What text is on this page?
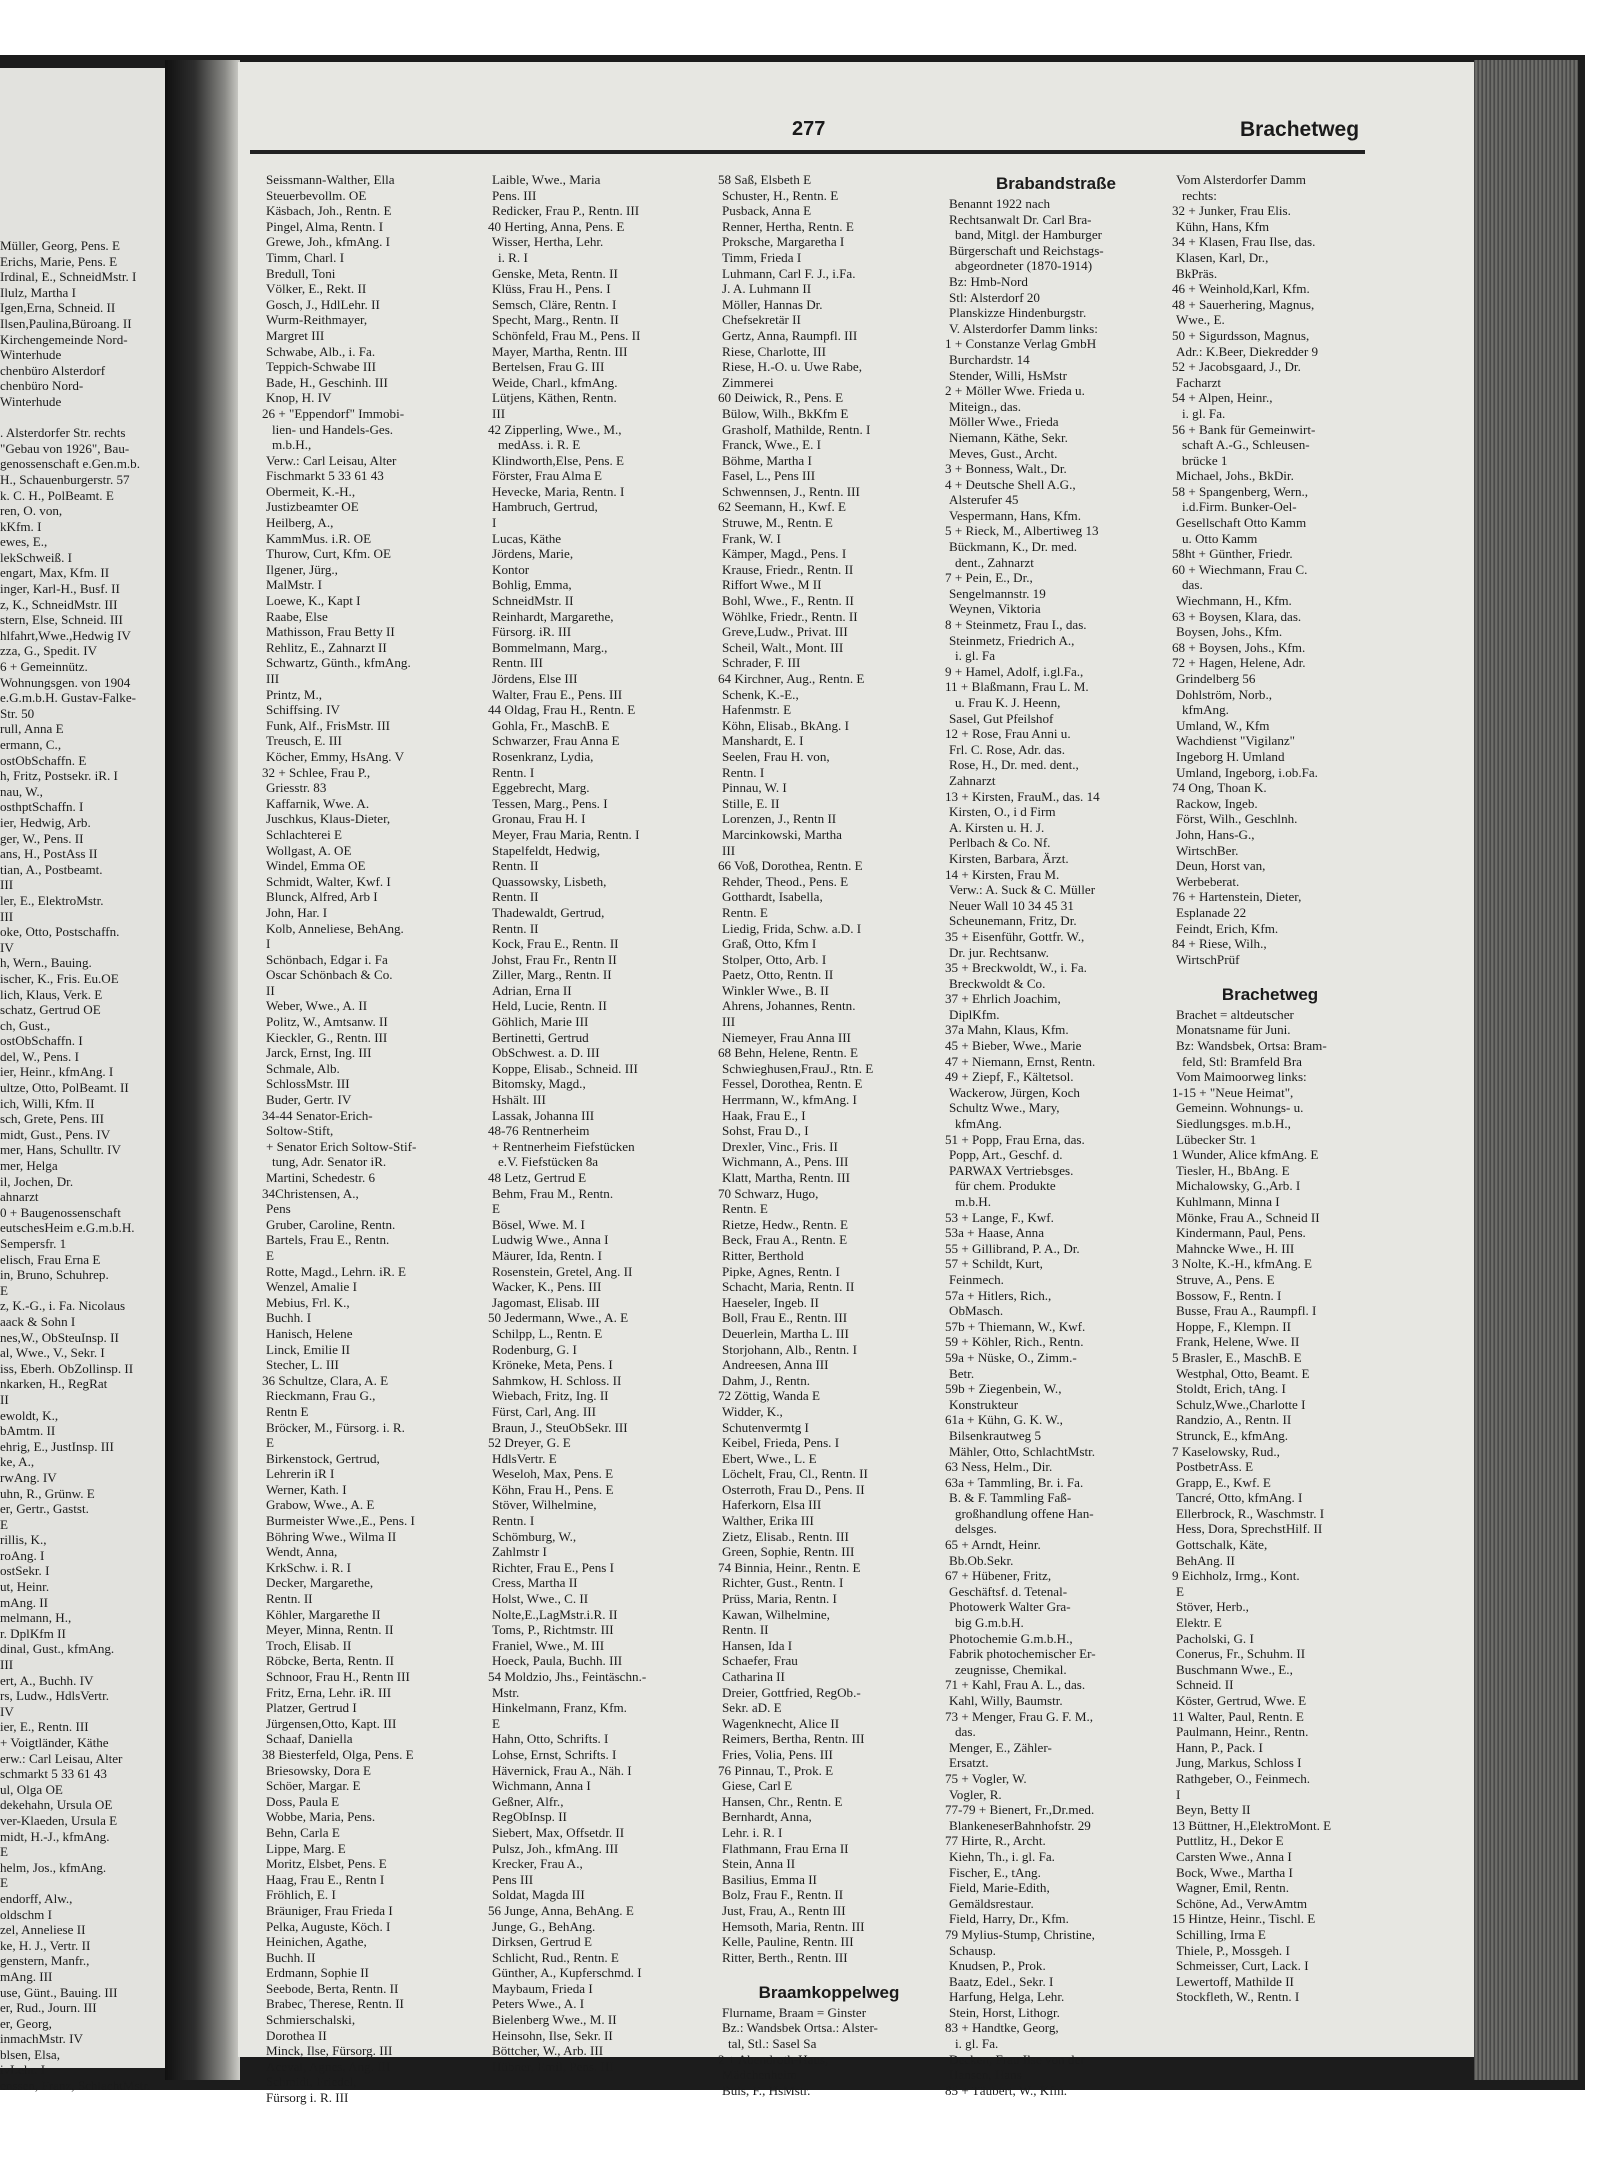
Müller, Georg, Pens. E
Erichs, Marie, Pens. E
Irdinal, E., SchneidMstr. I
Ilulz, Martha I
Igen,Erna, Schneid. II
Ilsen,Paulina,Büroang. II
Kirchengemeinde Nord-
Winterhude
chenbüro Alsterdorf
chenbüro Nord-
Winterhude
. Alsterdorfer Str. rechts
"Gebau von 1926", Bau-
genossenschaft e.Gen.m.b.
H., Schauenburgerstr. 57
k. C. H., PolBeamt. E
ren, O. von,
kKfm. I
ewes, E.,
lekSchweiß. I
engart, Max, Kfm. II
inger, Karl-H., Busf. II
z, K., SchneidMstr. III
stern, Else, Schneid. III
hlfahrt,Wwe.,Hedwig IV
zza, G., Spedit. IV
6 + Gemeinnütz.
Wohnungsgen. von 1904
e.G.m.b.H. Gustav-Falke-
Str. 50
rull, Anna E
ermann, C.,
ostObSchaffn. E
h, Fritz, Postsekr. iR. I
nau, W.,
osthptSchaffn. I
ier, Hedwig, Arb.
ger, W., Pens. II
ans, H., PostAss II
tian, A., Postbeamt.
III
ler, E., ElektroMstr.
III
oke, Otto, Postschaffn.
IV
h, Wern., Bauing.
ischer, K., Fris. Eu.OE
lich, Klaus, Verk. E
schatz, Gertrud OE
ch, Gust.,
ostObSchaffn. I
del, W., Pens. I
ier, Heinr., kfmAng. I
ultze, Otto, PolBeamt. II
ich, Willi, Kfm. II
sch, Grete, Pens. III
midt, Gust., Pens. IV
mer, Hans, Schulltr. IV
mer, Helga
il, Jochen, Dr.
ahnarzt
0 + Baugenossenschaft
eutschesHeim e.G.m.b.H.
Sempersfr. 1
elisch, Frau Erna E
in, Bruno, Schuhrep.
E
z, K.-G., i. Fa. Nicolaus
aack & Sohn I
nes,W., ObSteuInsp. II
al, Wwe., V., Sekr. I
iss, Eberh. ObZollinsp. II
nkarken, H., RegRat
II
ewoldt, K.,
bAmtm. II
ehrig, E., JustInsp. III
ke, A.,
rwAng. IV
uhn, R., Grünw. E
er, Gertr., Gastst.
E
rillis, K.,
roAng. I
ostSekr. I
ut, Heinr.
mAng. II
melmann, H.,
r. DplKfm II
dinal, Gust., kfmAng.
III
ert, A., Buchh. IV
rs, Ludw., HdlsVertr.
IV
ier, E., Rentn. III
+ Voigtländer, Käthe
erw.: Carl Leisau, Alter
schmarkt 5 33 61 43
ul, Olga OE
dekehahn, Ursula OE
ver-Klaeden, Ursula E
midt, H.-J., kfmAng.
E
helm, Jos., kfmAng.
E
endorff, Alw.,
oldschm I
zel, Anneliese II
ke, H. J., Vertr. II
genstern, Manfr.,
mAng. III
use, Günt., Bauing. III
er, Rud., Journ. III
er, Georg,
inmachMstr. IV
blsen, Elsa,
ivLehr. I
enssen, Franz, SchlachtMstr.
277	Brachetweg
Seissmann-Walther, Ella
Steuerbevollm. OE
Käsbach, Joh., Rentn. E
Pingel, Alma, Rentn. I
Grewe, Joh., kfmAng. I
Timm, Charl. I
Bredull, Toni
Völker, E., Rekt. II
Gosch, J., HdlLehr. II
Wurm-Reithmayer,
Margret III
Schwabe, Alb., i. Fa.
Teppich-Schwabe III
Bade, H., Geschinh. III
Knop, H. IV
26 + "Eppendorf" Immobi-
lien- und Handels-Ges.
m.b.H.,
Verw.: Carl Leisau, Alter
Fischmarkt 5 33 61 43
Obermeit, K.-H.,
Justizbeamter OE
Heilberg, A.,
KammMus. i.R. OE
Thurow, Curt, Kfm. OE
Ilgener, Jürg.,
MalMstr. I
Loewe, K., Kapt I
Raabe, Else
Mathisson, Frau Betty II
Rehlitz, E., Zahnarzt II
Schwartz, Günth., kfmAng.
III
Printz, M.,
Schiffsing. IV
Funk, Alf., FrisMstr. III
Treusch, E. III
Köcher, Emmy, HsAng. V
32 + Schlee, Frau P.,
Griesstr. 83
Kaffarnik, Wwe. A.
Juschkus, Klaus-Dieter,
Schlachterei E
Wollgast, A. OE
Windel, Emma OE
Schmidt, Walter, Kwf. I
Blunck, Alfred, Arb I
John, Har. I
Kolb, Anneliese, BehAng.
I
Schönbach, Edgar i. Fa
Oscar Schönbach & Co.
II
Weber, Wwe., A. II
Politz, W., Amtsanw. II
Kieckler, G., Rentn. III
Jarck, Ernst, Ing. III
Schmale, Alb.
SchlossMstr. III
Buder, Gertr. IV
34-44 Senator-Erich-
Soltow-Stift,
+ Senator Erich Soltow-Stif-
tung, Adr. Senator iR.
Martini, Schedestr. 6
34Christensen, A.,
Pens
Gruber, Caroline, Rentn.
Bartels, Frau E., Rentn.
E
Rotte, Magd., Lehrn. iR. E
Wenzel, Amalie I
Mebius, Frl. K.,
Buchh. I
Hanisch, Helene
Linck, Emilie II
Stecher, L. III
36 Schultze, Clara, A. E
Rieckmann, Frau G.,
Rentn E
Bröcker, M., Fürsorg. i. R.
E
Birkenstock, Gertrud,
Lehrerin iR I
Werner, Kath. I
Grabow, Wwe., A. E
Burmeister Wwe.,E., Pens. I
Böhring Wwe., Wilma II
Wendt, Anna,
KrkSchw. i. R. I
Decker, Margarethe,
Rentn. II
Köhler, Margarethe II
Meyer, Minna, Rentn. II
Troch, Elisab. II
Röbcke, Berta, Rentn. II
Schnoor, Frau H., Rentn III
Fritz, Erna, Lehr. iR. III
Platzer, Gertrud I
Jürgensen,Otto, Kapt. III
Schaaf, Daniella
38 Biesterfeld, Olga, Pens. E
Briesowsky, Dora E
Schöer, Margar. E
Doss, Paula E
Wobbe, Maria, Pens.
Behn, Carla E
Lippe, Marg. E
Moritz, Elsbet, Pens. E
Haag, Frau E., Rentn I
Fröhlich, E. I
Bräuniger, Frau Frieda I
Pelka, Auguste, Köch. I
Heinichen, Agathe,
Buchh. II
Erdmann, Sophie II
Seebode, Berta, Rentn. II
Brabec, Therese, Rentn. II
Schmierschalski,
Dorothea II
Minck, Ilse, Fürsorg. III
Aceval, Agnes, Ang. III
Schmidt, Friedel,
Fürsorg i. R. III
Laible, Wwe., Maria
Pens. III
Redicker, Frau P., Rentn. III
40 Herting, Anna, Pens. E
Wisser, Hertha, Lehr.
i. R. I
Genske, Meta, Rentn. II
Klüss, Frau H., Pens. I
Semsch, Cläre, Rentn. I
Specht, Marg., Rentn. II
Schönfeld, Frau M., Pens. II
Mayer, Martha, Rentn. III
Bertelsen, Frau G. III
Weide, Charl., kfmAng.
Lütjens, Käthen, Rentn.
III
42 Zipperling, Wwe., M.,
medAss. i. R. E
Klindworth,Else, Pens. E
Förster, Frau Alma E
Hevecke, Maria, Rentn. I
Hambruch, Gertrud,
I
Lucas, Käthe
Jördens, Marie,
Kontor
Bohlig, Emma,
SchneidMstr. II
Reinhardt, Margarethe,
Fürsorg. iR. III
Bommelmann, Marg.,
Rentn. III
Jördens, Else III
Walter, Frau E., Pens. III
44 Oldag, Frau H., Rentn. E
Gohla, Fr., MaschB. E
Schwarzer, Frau Anna E
Rosenkranz, Lydia,
Rentn. I
Eggebrecht, Marg.
Tessen, Marg., Pens. I
Gronau, Frau H. I
Meyer, Frau Maria, Rentn. I
Stapelfeldt, Hedwig,
Rentn. II
Quassowsky, Lisbeth,
Rentn. II
Thadewaldt, Gertrud,
Rentn. II
Kock, Frau E., Rentn. II
Johst, Frau Fr., Rentn II
Ziller, Marg., Rentn. II
Adrian, Erna II
Held, Lucie, Rentn. II
Göhlich, Marie III
Bertinetti, Gertrud
ObSchwest. a. D. III
Koppe, Elisab., Schneid. III
Bitomsky, Magd.,
Hshält. III
Lassak, Johanna III
48-76 Rentnerheim
+ Rentnerheim Fiefstücken
e.V. Fiefstücken 8a
48 Letz, Gertrud E
Behm, Frau M., Rentn.
E
Bösel, Wwe. M. I
Ludwig Wwe., Anna I
Mäurer, Ida, Rentn. I
Rosenstein, Gretel, Ang. II
Wacker, K., Pens. III
Jagomast, Elisab. III
50 Jedermann, Wwe., A. E
Schilpp, L., Rentn. E
Rodenburg, G. I
Kröneke, Meta, Pens. I
Sahmkow, H. Schloss. II
Wiebach, Fritz, Ing. II
Fürst, Carl, Ang. III
Braun, J., SteuObSekr. III
52 Dreyer, G. E
HdlsVertr. E
Weseloh, Max, Pens. E
Köhn, Frau H., Pens. E
Stöver, Wilhelmine,
Rentn. I
Schömburg, W.,
Zahlmstr I
Richter, Frau E., Pens I
Cress, Martha II
Holst, Wwe., C. II
Nolte,E.,LagMstr.i.R. II
Toms, P., Richtmstr. III
Franiel, Wwe., M. III
Hoeck, Paula, Buchh. III
54 Moldzio, Jhs., Feintäschn.-
Mstr.
Hinkelmann, Franz, Kfm.
E
Hahn, Otto, Schrifts. I
Lohse, Ernst, Schrifts. I
Hävernick, Frau A., Näh. I
Wichmann, Anna I
Geßner, Alfr.,
RegObInsp. II
Siebert, Max, Offsetdr. II
Pulsz, Joh., kfmAng. III
Krecker, Frau A.,
Pens III
Soldat, Magda III
56 Junge, Anna, BehAng. E
Junge, G., BehAng.
Dirksen, Gertrud E
Schlicht, Rud., Rentn. E
Günther, A., Kupferschmd. I
Maybaum, Frieda I
Peters Wwe., A. I
Bielenberg Wwe., M. II
Heinsohn, Ilse, Sekr. II
Böttcher, W., Arb. III
Hübner, Emil, Pens. III
58 Saß, Elsbeth E
Schuster, H., Rentn. E
Pusback, Anna E
Renner, Hertha, Rentn. E
Proksche, Margaretha I
Timm, Frieda I
Luhmann, Carl F. J., i.Fa.
J. A. Luhmann II
Möller, Hannas Dr.
Chefsekretär II
Gertz, Anna, Raumpfl. III
Riese, Charlotte, III
Riese, H.-O. u. Uwe Rabe,
Zimmerei
60 Deiwick, R., Pens. E
Bülow, Wilh., BkKfm E
Grasholf, Mathilde, Rentn. I
Franck, Wwe., E. I
Böhme, Martha I
Fasel, L., Pens III
Schwennsen, J., Rentn. III
62 Seemann, H., Kwf. E
Struwe, M., Rentn. E
Frank, W. I
Kämper, Magd., Pens. I
Krause, Friedr., Rentn. II
Riffort Wwe., M II
Bohl, Wwe., F., Rentn. II
Wöhlke, Friedr., Rentn. II
Greve,Ludw., Privat. III
Scheil, Walt., Mont. III
Schrader, F. III
64 Kirchner, Aug., Rentn. E
Schenk, K.-E.,
Hafenmstr. E
Köhn, Elisab., BkAng. I
Manshardt, E. I
Seelen, Frau H. von,
Rentn. I
Pinnau, W. I
Stille, E. II
Lorenzen, J., Rentn II
Marcinkowski, Martha
III
66 Voß, Dorothea, Rentn. E
Rehder, Theod., Pens. E
Gotthardt, Isabella,
Rentn. E
Liedig, Frida, Schw. a.D. I
Graß, Otto, Kfm I
Stolper, Otto, Arb. I
Paetz, Otto, Rentn. II
Winkler Wwe., B. II
Ahrens, Johannes, Rentn.
III
Niemeyer, Frau Anna III
68 Behn, Helene, Rentn. E
Schwieghusen,FrauJ., Rtn. E
Fessel, Dorothea, Rentn. E
Herrmann, W., kfmAng. I
Haak, Frau E., I
Sohst, Frau D., I
Drexler, Vinc., Fris. II
Wichmann, A., Pens. III
Klatt, Martha, Rentn. III
70 Schwarz, Hugo,
Rentn. E
Rietze, Hedw., Rentn. E
Beck, Frau A., Rentn. E
Ritter, Berthold
Pipke, Agnes, Rentn. I
Schacht, Maria, Rentn. II
Haeseler, Ingeb. II
Boll, Frau E., Rentn. III
Deuerlein, Martha L. III
Storjohann, Alb., Rentn. I
Andreesen, Anna III
Dahm, J., Rentn.
72 Zöttig, Wanda E
Widder, K.,
Schutenvermtg I
Keibel, Frieda, Pens. I
Ebert, Wwe., L. E
Löchelt, Frau, Cl., Rentn. II
Osterroth, Frau D., Pens. II
Haferkorn, Elsa III
Walther, Erika III
Zietz, Elisab., Rentn. III
Green, Sophie, Rentn. III
74 Binnia, Heinr., Rentn. E
Richter, Gust., Rentn. I
Prüss, Maria, Rentn. I
Kawan, Wilhelmine,
Rentn. II
Hansen, Ida I
Schaefer, Frau
Catharina II
Dreier, Gottfried, RegOb.-
Sekr. aD. E
Wagenknecht, Alice II
Reimers, Bertha, Rentn. III
Fries, Volia, Pens. III
76 Pinnau, T., Prok. E
Giese, Carl E
Hansen, Chr., Rentn. E
Bernhardt, Anna,
Lehr. i. R. I
Flathmann, Frau Erna II
Stein, Anna II
Basilius, Emma II
Bolz, Frau F., Rentn. II
Just, Frau, A., Rentn III
Hemsoth, Maria, Rentn. III
Kelle, Pauline, Rentn. III
Ritter, Berth., Rentn. III
Braamkoppelweg
Flurname, Braam = Ginster
Bz.: Wandsbek Ortsa.: Alster-
tal, Stl.: Sasel Sa
2 + Abendroth-Haus,
Mädchenheim
Buls, F., HsMstr.
Brabandstraße
Benannt 1922 nach
Rechtsanwalt Dr. Carl Bra-
band, Mitgl. der Hamburger
Bürgerschaft und Reichstags-
abgeordneter (1870-1914)
Bz: Hmb-Nord
Stl: Alsterdorf 20
Planskizze Hindenburgstr.
V. Alsterdorfer Damm links:
1 + Constanze Verlag GmbH
Burchardstr. 14
Stender, Willi, HsMstr
2 + Möller Wwe. Frieda u.
Miteign., das.
Möller Wwe., Frieda
Niemann, Käthe, Sekr.
Meves, Gust., Archt.
3 + Bonness, Walt., Dr.
4 + Deutsche Shell A.G.,
Alsterufer 45
Vespermann, Hans, Kfm.
5 + Rieck, M., Albertiweg 13
Bückmann, K., Dr. med.
dent., Zahnarzt
7 + Pein, E., Dr.,
Sengelmannstr. 19
Weynen, Viktoria
8 + Steinmetz, Frau I., das.
Steinmetz, Friedrich A.,
i. gl. Fa
9 + Hamel, Adolf, i.gl.Fa.,
11 + Blaßmann, Frau L. M.
u. Frau K. J. Heenn,
Sasel, Gut Pfeilshof
12 + Rose, Frau Anni u.
Frl. C. Rose, Adr. das.
Rose, H., Dr. med. dent.,
Zahnarzt
13 + Kirsten, FrauM., das. 14
Kirsten, O., i d Firm
A. Kirsten u. H. J.
Perlbach & Co. Nf.
Kirsten, Barbara, Ärzt.
14 + Kirsten, Frau M.
Verw.: A. Suck & C. Müller
Neuer Wall 10 34 45 31
Scheunemann, Fritz, Dr.
35 + Eisenführ, Gottfr. W.,
Dr. jur. Rechtsanw.
35 + Breckwoldt, W., i. Fa.
Breckwoldt & Co.
37 + Ehrlich Joachim,
DiplKfm.
37a Mahn, Klaus, Kfm.
45 + Bieber, Wwe., Marie
47 + Niemann, Ernst, Rentn.
49 + Ziepf, F., Kältetsol.
Wackerow, Jürgen, Koch
Schultz Wwe., Mary,
kfmAng.
51 + Popp, Frau Erna, das.
Popp, Art., Geschf. d.
PARWAX Vertriebsges.
für chem. Produkte
m.b.H.
53 + Lange, F., Kwf.
53a + Haase, Anna
55 + Gillibrand, P. A., Dr.
57 + Schildt, Kurt,
Feinmech.
57a + Hitlers, Rich.,
ObMasch.
57b + Thiemann, W., Kwf.
59 + Köhler, Rich., Rentn.
59a + Nüske, O., Zimm.-
Betr.
59b + Ziegenbein, W.,
Konstrukteur
61a + Kühn, G. K. W.,
Bilsenkrautweg 5
Mähler, Otto, SchlachtMstr.
63 Ness, Helm., Dir.
63a + Tammling, Br. i. Fa.
B. & F. Tammling Faß-
großhandlung offene Han-
delsges.
65 + Arndt, Heinr.
Bb.Ob.Sekr.
67 + Hübener, Fritz,
Geschäftsf. d. Tetenal-
Photowerk Walter Gra-
big G.m.b.H.
Photochemie G.m.b.H.,
Fabrik photochemischer Er-
zeugnisse, Chemikal.
71 + Kahl, Frau A. L., das.
Kahl, Willy, Baumstr.
73 + Menger, Frau G. F. M.,
das.
Menger, E., Zähler-
Ersatzt.
75 + Vogler, W.
Vogler, R.
77-79 + Bienert, Fr.,Dr.med.
BlankeneserBahnhofstr. 29
77 Hirte, R., Archt.
Kiehn, Th., i. gl. Fa.
Fischer, E., tAng.
Field, Marie-Edith,
Gemäldsrestaur.
Field, Harry, Dr., Kfm.
79 Mylius-Stump, Christine,
Schausp.
Knudsen, P., Prok.
Baatz, Edel., Sekr. I
Harfung, Helga, Lehr.
Stein, Horst, Lithogr.
83 + Handtke, Georg,
i. gl. Fa.
Decken, Frau Ilse von der
Hansen, Hans
85 + Täubert, W., Kfm.
Vom Alsterdorfer Damm
rechts:
32 + Junker, Frau Elis.
Kühn, Hans, Kfm
34 + Klasen, Frau Ilse, das.
Klasen, Karl, Dr.,
BkPräs.
46 + Weinhold,Karl, Kfm.
48 + Sauerhering, Magnus,
Wwe., E.
50 + Sigurdsson, Magnus,
Adr.: K.Beer, Diekredder 9
52 + Jacobsgaard, J., Dr.
Facharzt
54 + Alpen, Heinr.,
i. gl. Fa.
56 + Bank für Gemeinwirt-
schaft A.-G., Schleusen-
brücke 1
Michael, Johs., BkDir.
58 + Spangenberg, Wern.,
i.d.Firm. Bunker-Oel-
Gesellschaft Otto Kamm
u. Otto Kamm
58ht + Günther, Friedr.
60 + Wiechmann, Frau C.
das.
Wiechmann, H., Kfm.
63 + Boysen, Klara, das.
Boysen, Johs., Kfm.
68 + Boysen, Johs., Kfm.
72 + Hagen, Helene, Adr.
Grindelberg 56
Dohlström, Norb.,
kfmAng.
Umland, W., Kfm
Wachdienst "Vigilanz"
Ingeborg H. Umland
Umland, Ingeborg, i.ob.Fa.
74 Ong, Thoan K.
Rackow, Ingeb.
Först, Wilh., Geschlnh.
John, Hans-G.,
WirtschBer.
Deun, Horst van,
Werbeberat.
76 + Hartenstein, Dieter,
Esplanade 22
Feindt, Erich, Kfm.
84 + Riese, Wilh.,
WirtschPrüf
Brachetweg
Brachet = altdeutscher
Monatsname für Juni.
Bz: Wandsbek, Ortsa: Bram-
feld, Stl: Bramfeld Bra
Vom Maimoorweg links:
1-15 + "Neue Heimat",
Gemeinn. Wohnungs- u.
Siedlungsges. m.b.H.,
Lübecker Str. 1
1 Wunder, Alice kfmAng. E
Tiesler, H., BbAng. E
Michalowsky, G.,Arb. I
Kuhlmann, Minna I
Mönke, Frau A., Schneid II
Kindermann, Paul, Pens.
Mahncke Wwe., H. III
3 Nolte, K.-H., kfmAng. E
Struve, A., Pens. E
Bossow, F., Rentn. I
Busse, Frau A., Raumpfl. I
Hoppe, F., Klempn. II
Frank, Helene, Wwe. II
5 Brasler, E., MaschB. E
Westphal, Otto, Beamt. E
Stoldt, Erich, tAng. I
Schulz,Wwe.,Charlotte I
Randzio, A., Rentn. II
Strunck, E., kfmAng.
7 Kaselowsky, Rud.,
PostbetrAss. E
Grapp, E., Kwf. E
Tancré, Otto, kfmAng. I
Ellerbrock, R., Waschmstr. I
Hess, Dora, SprechstHilf. II
Gottschalk, Käte,
BehAng. II
9 Eichholz, Irmg., Kont.
E
Stöver, Herb.,
Elektr. E
Pacholski, G. I
Conerus, Fr., Schuhm. II
Buschmann Wwe., E.,
Schneid. II
Köster, Gertrud, Wwe. E
11 Walter, Paul, Rentn. E
Paulmann, Heinr., Rentn.
Hann, P., Pack. I
Jung, Markus, Schloss I
Rathgeber, O., Feinmech.
I
Beyn, Betty II
13 Büttner, H.,ElektroMont. E
Puttlitz, H., Dekor E
Carsten Wwe., Anna I
Bock, Wwe., Martha I
Wagner, Emil, Rentn.
Schöne, Ad., VerwAmtm
15 Hintze, Heinr., Tischl. E
Schilling, Irma E
Thiele, P., Mossgeh. I
Schmeisser, Curt, Lack. I
Lewertoff, Mathilde II
Stockfleth, W., Rentn. I
